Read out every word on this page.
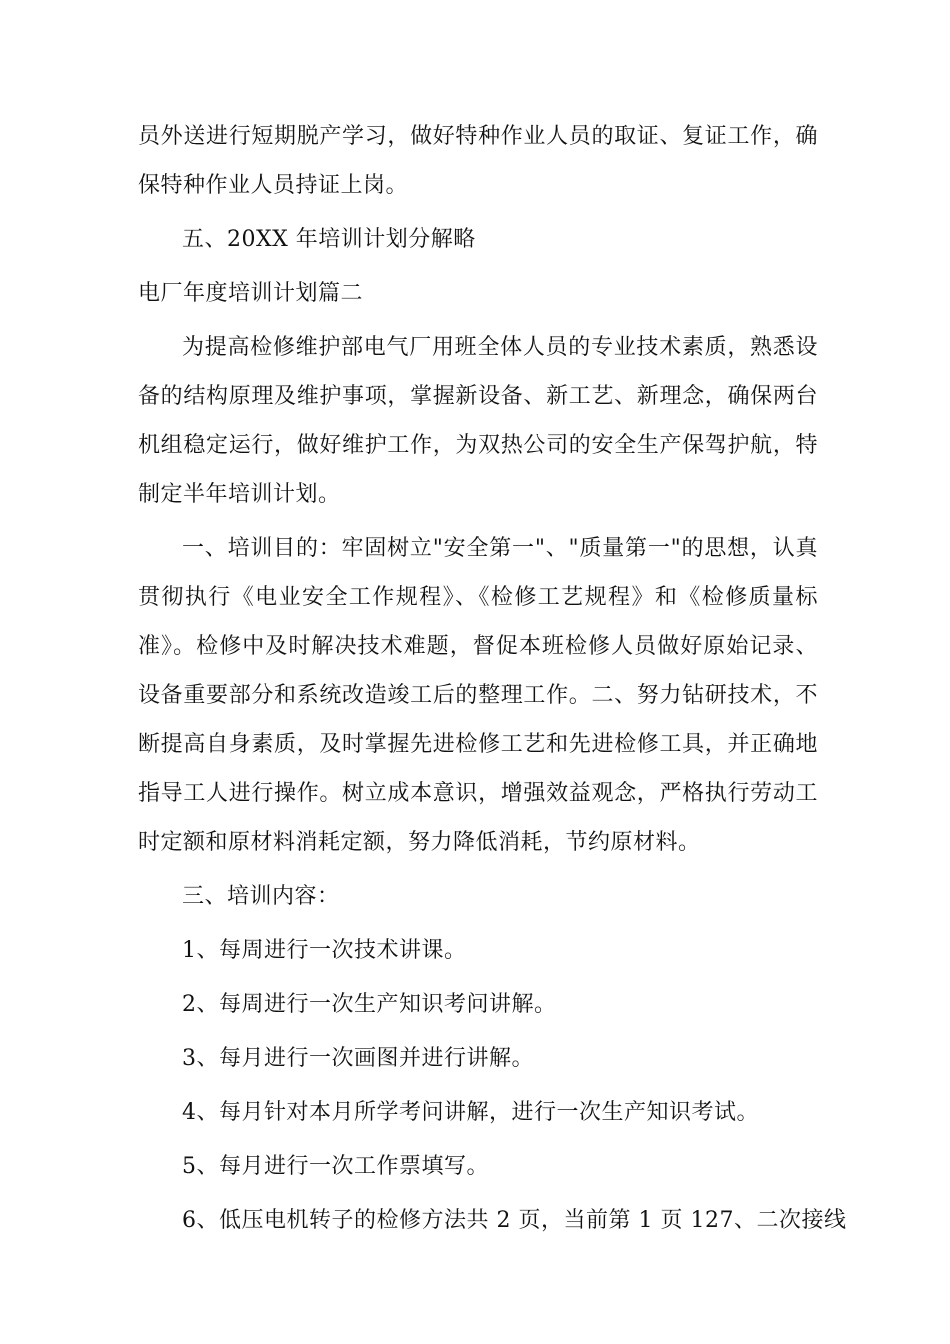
员外送进行短期脱产学习，做好特种作业人员的取证、复证工作，确
保特种作业人员持证上岗。
五、20XX 年培训计划分解略
电厂年度培训计划篇二
为提高检修维护部电气厂用班全体人员的专业技术素质，熟悉设
备的结构原理及维护事项，掌握新设备、新工艺、新理念，确保两台
机组稳定运行，做好维护工作，为双热公司的安全生产保驾护航，特
制定半年培训计划。
一、培训目的：牢固树立"安全第一"、"质量第一"的思想，认真
贯彻执行《电业安全工作规程》、《检修工艺规程》和《检修质量标
准》。检修中及时解决技术难题，督促本班检修人员做好原始记录、
设备重要部分和系统改造竣工后的整理工作。二、努力钻研技术，不
断提高自身素质，及时掌握先进检修工艺和先进检修工具，并正确地
指导工人进行操作。树立成本意识，增强效益观念，严格执行劳动工
时定额和原材料消耗定额，努力降低消耗，节约原材料。
三、培训内容：
1、每周进行一次技术讲课。
2、每周进行一次生产知识考问讲解。
3、每月进行一次画图并进行讲解。
4、每月针对本月所学考问讲解，进行一次生产知识考试。
5、每月进行一次工作票填写。
6、低压电机转子的检修方法共 2 页，当前第 1 页 127、二次接线
